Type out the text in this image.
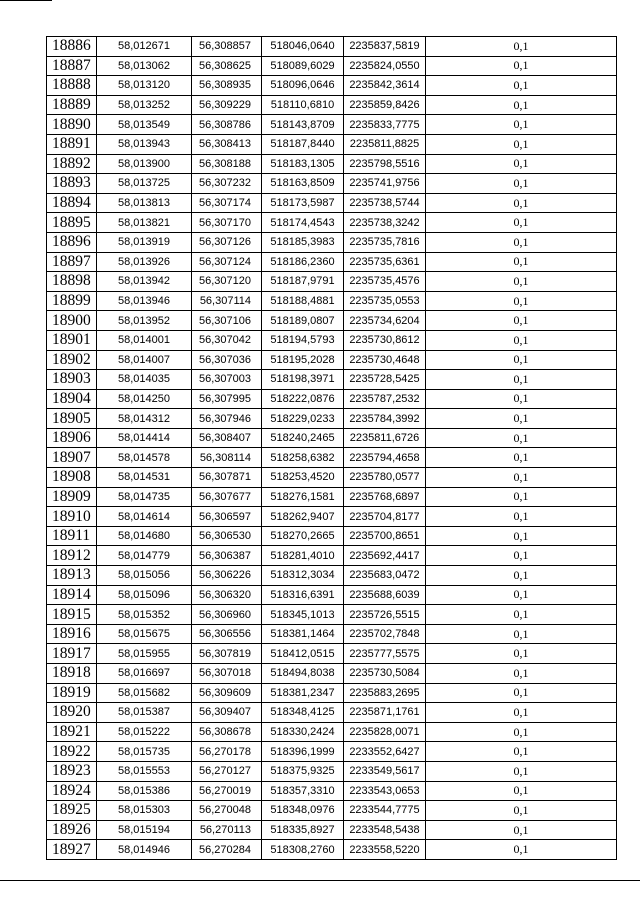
18886	58,012671	56,308857	518046,0640	2235837,5819	0,1
18887	58,013062	56,308625	518089,6029	2235824,0550	0,1
18888	58,013120	56,308935	518096,0646	2235842,3614	0,1
18889	58,013252	56,309229	518110,6810	2235859,8426	0,1
18890	58,013549	56,308786	518143,8709	2235833,7775	0,1
18891	58,013943	56,308413	518187,8440	2235811,8825	0,1
18892	58,013900	56,308188	518183,1305	2235798,5516	0,1
18893	58,013725	56,307232	518163,8509	2235741,9756	0,1
18894	58,013813	56,307174	518173,5987	2235738,5744	0,1
18895	58,013821	56,307170	518174,4543	2235738,3242	0,1
18896	58,013919	56,307126	518185,3983	2235735,7816	0,1
18897	58,013926	56,307124	518186,2360	2235735,6361	0,1
18898	58,013942	56,307120	518187,9791	2235735,4576	0,1
18899	58,013946	56,307114	518188,4881	2235735,0553	0,1
18900	58,013952	56,307106	518189,0807	2235734,6204	0,1
18901	58,014001	56,307042	518194,5793	2235730,8612	0,1
18902	58,014007	56,307036	518195,2028	2235730,4648	0,1
18903	58,014035	56,307003	518198,3971	2235728,5425	0,1
18904	58,014250	56,307995	518222,0876	2235787,2532	0,1
18905	58,014312	56,307946	518229,0233	2235784,3992	0,1
18906	58,014414	56,308407	518240,2465	2235811,6726	0,1
18907	58,014578	56,308114	518258,6382	2235794,4658	0,1
18908	58,014531	56,307871	518253,4520	2235780,0577	0,1
18909	58,014735	56,307677	518276,1581	2235768,6897	0,1
18910	58,014614	56,306597	518262,9407	2235704,8177	0,1
18911	58,014680	56,306530	518270,2665	2235700,8651	0,1
18912	58,014779	56,306387	518281,4010	2235692,4417	0,1
18913	58,015056	56,306226	518312,3034	2235683,0472	0,1
18914	58,015096	56,306320	518316,6391	2235688,6039	0,1
18915	58,015352	56,306960	518345,1013	2235726,5515	0,1
18916	58,015675	56,306556	518381,1464	2235702,7848	0,1
18917	58,015955	56,307819	518412,0515	2235777,5575	0,1
18918	58,016697	56,307018	518494,8038	2235730,5084	0,1
18919	58,015682	56,309609	518381,2347	2235883,2695	0,1
18920	58,015387	56,309407	518348,4125	2235871,1761	0,1
18921	58,015222	56,308678	518330,2424	2235828,0071	0,1
18922	58,015735	56,270178	518396,1999	2233552,6427	0,1
18923	58,015553	56,270127	518375,9325	2233549,5617	0,1
18924	58,015386	56,270019	518357,3310	2233543,0653	0,1
18925	58,015303	56,270048	518348,0976	2233544,7775	0,1
18926	58,015194	56,270113	518335,8927	2233548,5438	0,1
18927	58,014946	56,270284	518308,2760	2233558,5220	0,1
